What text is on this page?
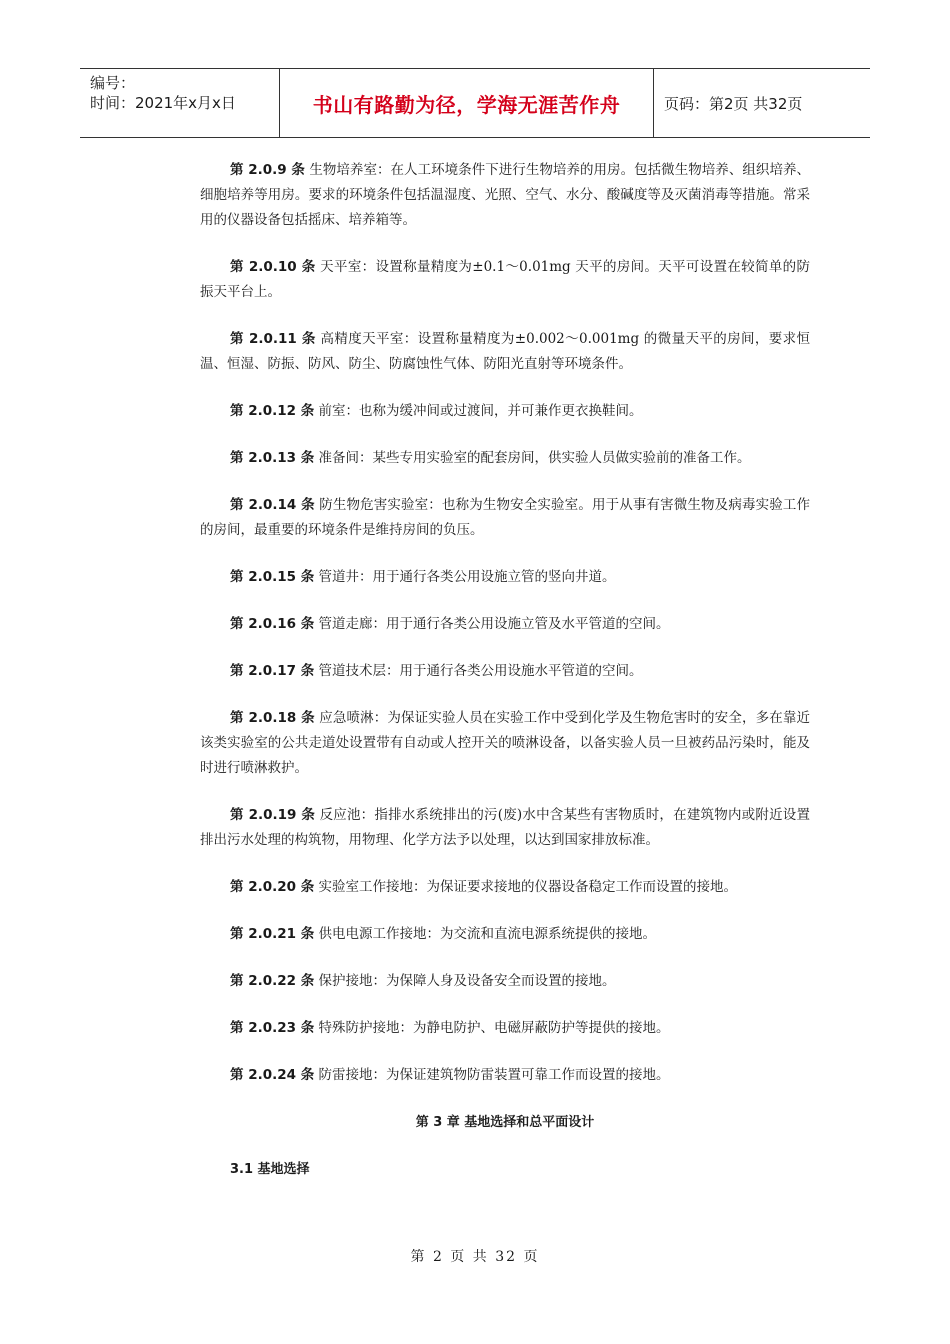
编号：
时间：2021年x月x日	书山有路勤为径，学海无涯苦作舟	页码：第2页 共32页

第 2.0.9 条 生物培养室：在人工环境条件下进行生物培养的用房。包括微生物培养、组织培养、细胞培养等用房。要求的环境条件包括温湿度、光照、空气、水分、酸碱度等及灭菌消毒等措施。常采用的仪器设备包括摇床、培养箱等。

第 2.0.10 条 天平室：设置称量精度为±0.1～0.01mg 天平的房间。天平可设置在较简单的防振天平台上。

第 2.0.11 条 高精度天平室：设置称量精度为±0.002～0.001mg 的微量天平的房间，要求恒温、恒湿、防振、防风、防尘、防腐蚀性气体、防阳光直射等环境条件。

第 2.0.12 条 前室：也称为缓冲间或过渡间，并可兼作更衣换鞋间。

第 2.0.13 条 准备间：某些专用实验室的配套房间，供实验人员做实验前的准备工作。

第 2.0.14 条 防生物危害实验室：也称为生物安全实验室。用于从事有害微生物及病毒实验工作的房间，最重要的环境条件是维持房间的负压。

第 2.0.15 条 管道井：用于通行各类公用设施立管的竖向井道。

第 2.0.16 条 管道走廊：用于通行各类公用设施立管及水平管道的空间。

第 2.0.17 条 管道技术层：用于通行各类公用设施水平管道的空间。

第 2.0.18 条 应急喷淋：为保证实验人员在实验工作中受到化学及生物危害时的安全，多在靠近该类实验室的公共走道处设置带有自动或人控开关的喷淋设备，以备实验人员一旦被药品污染时，能及时进行喷淋救护。

第 2.0.19 条 反应池：指排水系统排出的污(废)水中含某些有害物质时，在建筑物内或附近设置排出污水处理的构筑物，用物理、化学方法予以处理，以达到国家排放标准。

第 2.0.20 条 实验室工作接地：为保证要求接地的仪器设备稳定工作而设置的接地。

第 2.0.21 条 供电电源工作接地：为交流和直流电源系统提供的接地。

第 2.0.22 条 保护接地：为保障人身及设备安全而设置的接地。

第 2.0.23 条 特殊防护接地：为静电防护、电磁屏蔽防护等提供的接地。

第 2.0.24 条 防雷接地：为保证建筑物防雷装置可靠工作而设置的接地。

第 3 章 基地选择和总平面设计

3.1 基地选择

第 2 页 共 32 页
